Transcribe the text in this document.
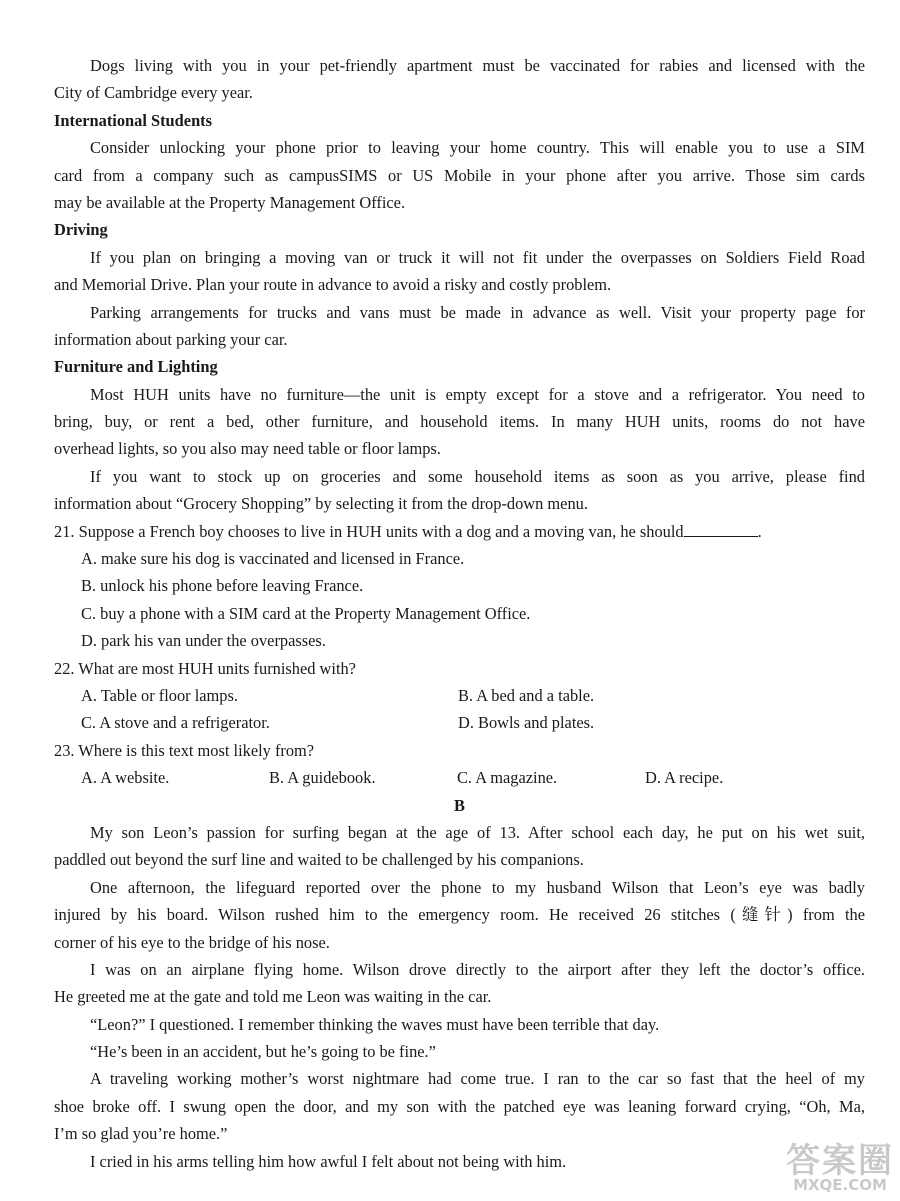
Dogs living with you in your pet-friendly apartment must be vaccinated for rabies and licensed with the
City of Cambridge every year.
International Students
Consider unlocking your phone prior to leaving your home country. This will enable you to use a SIM
card from a company such as campusSIMS or US Mobile in your phone after you arrive. Those sim cards
may be available at the Property Management Office.
Driving
If you plan on bringing a moving van or truck it will not fit under the overpasses on Soldiers Field Road
and Memorial Drive. Plan your route in advance to avoid a risky and costly problem.
Parking arrangements for trucks and vans must be made in advance as well. Visit your property page for
information about parking your car.
Furniture and Lighting
Most HUH units have no furniture—the unit is empty except for a stove and a refrigerator. You need to
bring, buy, or rent a bed, other furniture, and household items. In many HUH units, rooms do not have
overhead lights, so you also may need table or floor lamps.
If you want to stock up on groceries and some household items as soon as you arrive, please find
information about “Grocery Shopping” by selecting it from the drop-down menu.
21. Suppose a French boy chooses to live in HUH units with a dog and a moving van, he should	.
A. make sure his dog is vaccinated and licensed in France.
B. unlock his phone before leaving France.
C. buy a phone with a SIM card at the Property Management Office.
D. park his van under the overpasses.
22. What are most HUH units furnished with?
A. Table or floor lamps.	B. A bed and a table.
C. A stove and a refrigerator.	D. Bowls and plates.
23. Where is this text most likely from?
A. A website.	B. A guidebook.	C. A magazine.	D. A recipe.
B
My son Leon’s passion for surfing began at the age of 13. After school each day, he put on his wet suit,
paddled out beyond the surf line and waited to be challenged by his companions.
One afternoon, the lifeguard reported over the phone to my husband Wilson that Leon’s eye was badly
injured by his board. Wilson rushed him to the emergency room. He received 26 stitches (缝针) from the
corner of his eye to the bridge of his nose.
I was on an airplane flying home. Wilson drove directly to the airport after they left the doctor’s office.
He greeted me at the gate and told me Leon was waiting in the car.
“Leon?” I questioned. I remember thinking the waves must have been terrible that day.
“He’s been in an accident, but he’s going to be fine.”
A traveling working mother’s worst nightmare had come true. I ran to the car so fast that the heel of my
shoe broke off. I swung open the door, and my son with the patched eye was leaning forward crying, “Oh, Ma,
I’m so glad you’re home.”
I cried in his arms telling him how awful I felt about not being with him.	答案圈
MXQE.COM
